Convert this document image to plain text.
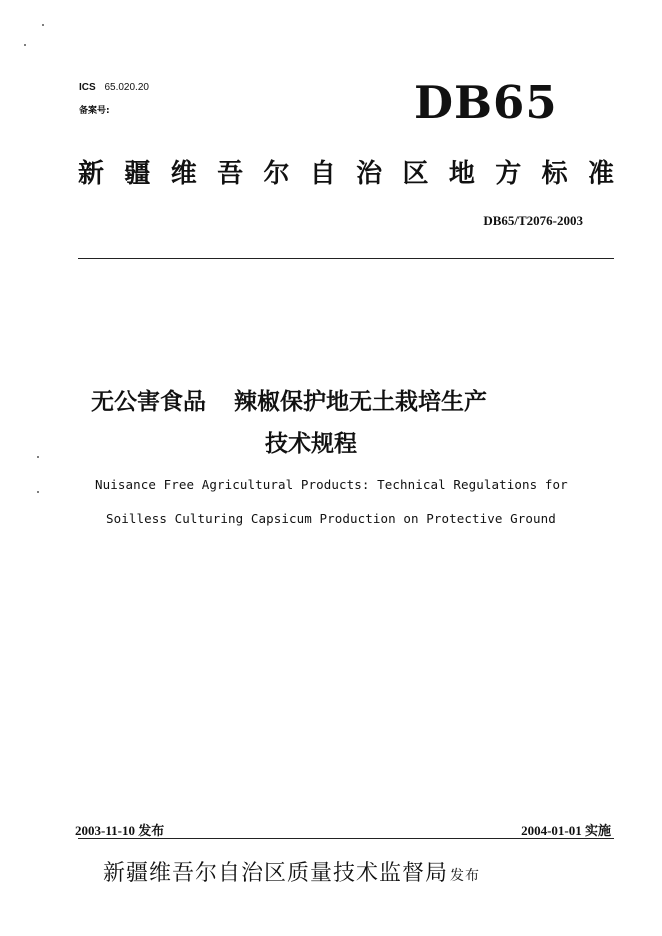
ICS 65.020.20
备案号:	DB65
新 疆 维 吾 尔 自 治 区 地 方 标 准
DB65/T2076-2003
无公害食品 辣椒保护地无土栽培生产
技术规程
Nuisance Free Agricultural Products: Technical Regulations for
Soilless Culturing Capsicum Production on Protective Ground
2003-11-10 发布	2004-01-01 实施
新疆维吾尔自治区质量技术监督局 发布
